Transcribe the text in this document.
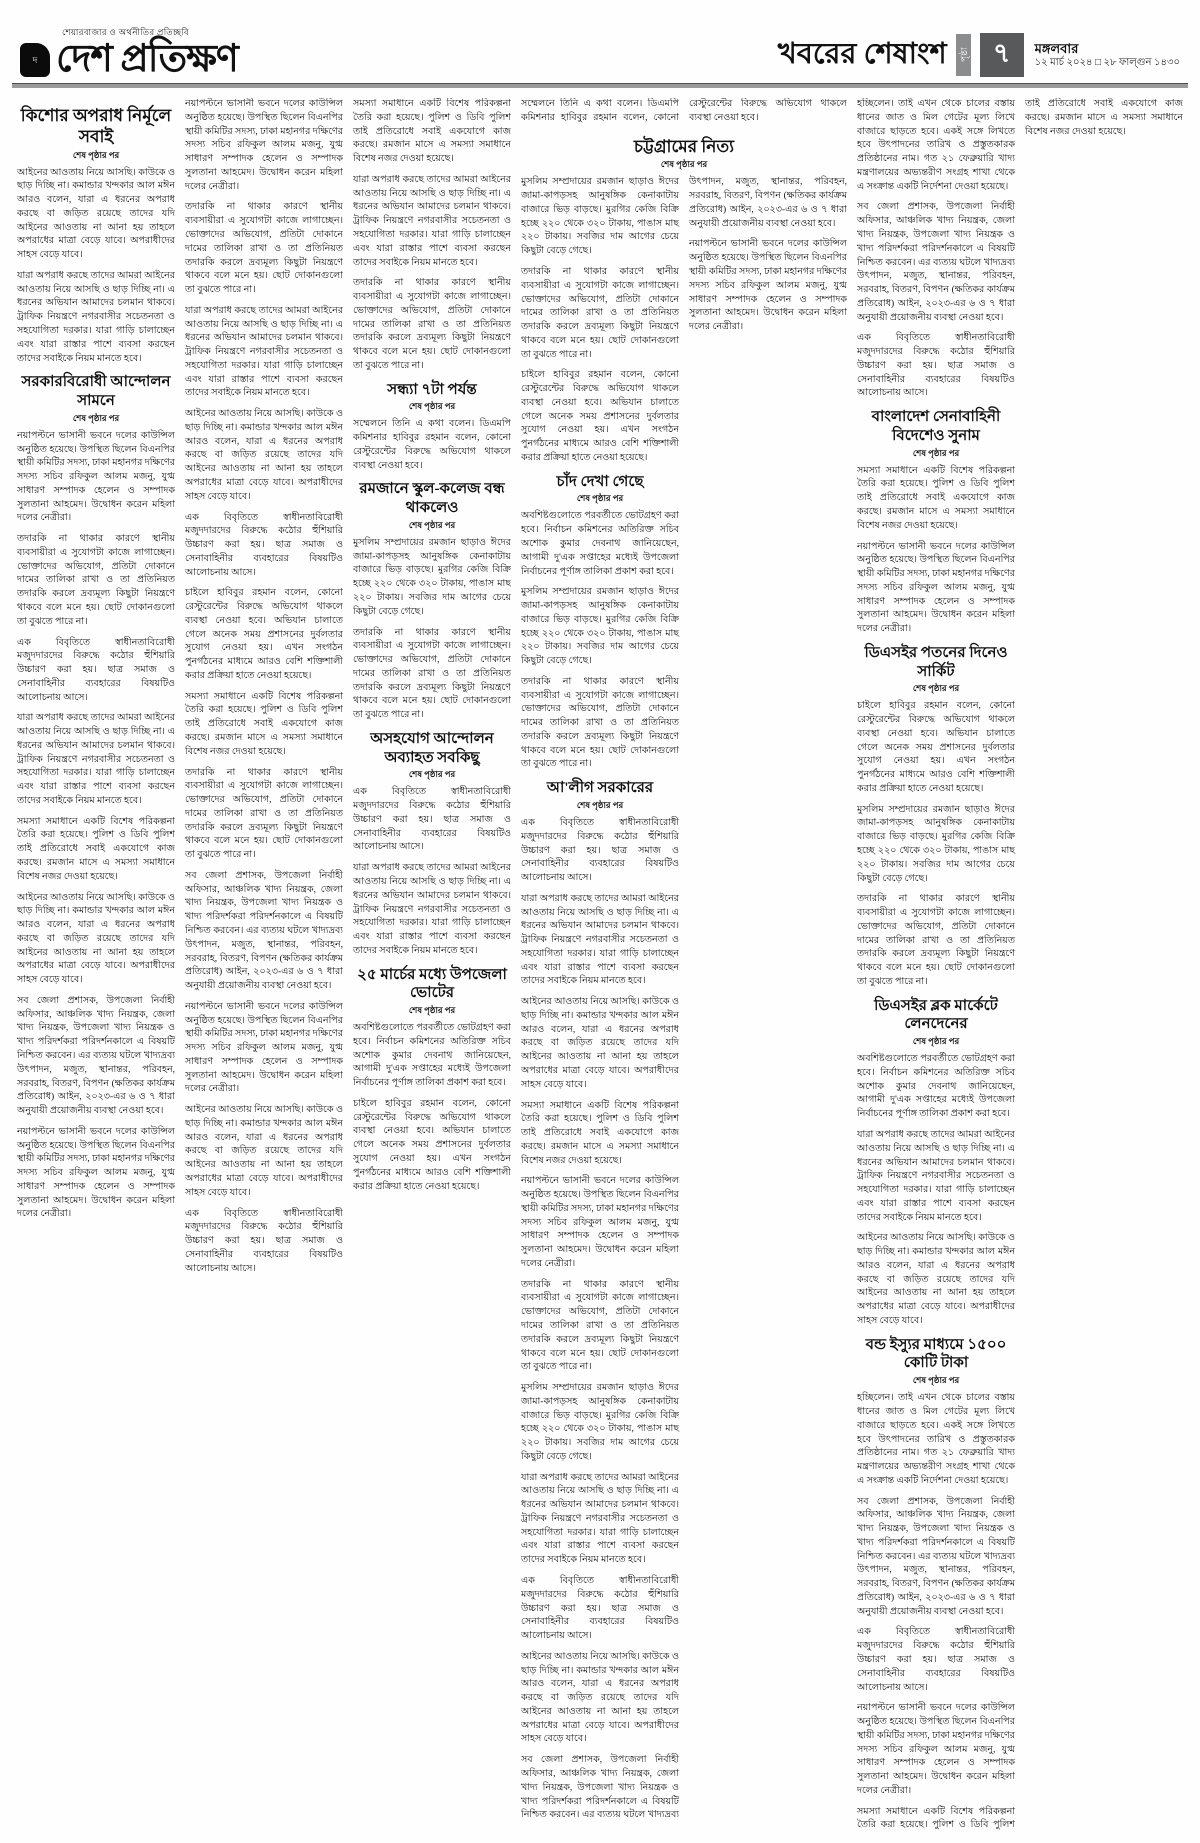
দ
শেয়ারবাজার ও অর্থনীতির প্রতিচ্ছবি
দেশ প্রতিক্ষণ	খবরের শেষাংশ	পৃষ্ঠা ৭	মঙ্গলবার
১২ মার্চ ২০২৪ □ ২৮ ফাল্গুন ১৪৩০
কিশোর অপরাধ নির্মূলে সবাই
শেষ পৃষ্ঠার পর

আইনের আওতায় নিয়ে আসছি। কাউকে ও ছাড় দিচ্ছি না। কমান্ডার খন্দকার আল মঈন আরও বলেন, যারা এ ধরনের অপরাধ করছে বা জড়িত রয়েছে তাদের যদি আইনের আওতায় না আনা হয় তাহলে অপরাধের মাত্রা বেড়ে যাবে। অপরাধীদের সাহস বেড়ে যাবে।

যারা অপরাধ করছে তাদের আমরা আইনের আওতায় নিয়ে আসছি ও ছাড় দিচ্ছি না। এ ধরনের অভিযান আমাদের চলমান থাকবে। ট্রাফিক নিয়ন্ত্রণে নগরবাসীর সচেতনতা ও সহযোগিতা দরকার। যারা গাড়ি চালাচ্ছেন এবং যারা রাস্তার পাশে ব্যবসা করছেন তাদের সবাইকে নিয়ম মানতে হবে।

সরকারবিরোধী আন্দোলন সামনে
শেষ পৃষ্ঠার পর

নয়াপল্টনে ভাসানী ভবনে দলের কাউন্সিল অনুষ্ঠিত হয়েছে। উপস্থিত ছিলেন বিএনপির স্থায়ী কমিটির সদস্য, ঢাকা মহানগর দক্ষিণের সদস্য সচিব রফিকুল আলম মজনু, যুগ্ম সাধারণ সম্পাদক হেলেন ও সম্পাদক সুলতানা আহমেদ। উদ্বোধন করেন মহিলা দলের নেত্রীরা।

তদারকি না থাকার কারণে স্থানীয় ব্যবসায়ীরা এ সুযোগটা কাজে লাগাচ্ছেন। ভোক্তাদের অভিযোগ, প্রতিটা দোকানে দামের তালিকা রাখা ও তা প্রতিনিয়ত তদারকি করলে দ্রব্যমূল্য কিছুটা নিয়ন্ত্রণে থাকবে বলে মনে হয়। ছোট দোকানগুলো তা বুঝতে পারে না।

এক বিবৃতিতে স্বাধীনতাবিরোধী মজুদদারদের বিরুদ্ধে কঠোর হুঁশিয়ারি উচ্চারণ করা হয়। ছাত্র সমাজ ও সেনাবাহিনীর ব্যবহারের বিষয়টিও আলোচনায় আসে।

যারা অপরাধ করছে তাদের আমরা আইনের আওতায় নিয়ে আসছি ও ছাড় দিচ্ছি না। এ ধরনের অভিযান আমাদের চলমান থাকবে। ট্রাফিক নিয়ন্ত্রণে নগরবাসীর সচেতনতা ও সহযোগিতা দরকার। যারা গাড়ি চালাচ্ছেন এবং যারা রাস্তার পাশে ব্যবসা করছেন তাদের সবাইকে নিয়ম মানতে হবে।

সমস্যা সমাধানে একটি বিশেষ পরিকল্পনা তৈরি করা হয়েছে। পুলিশ ও ডিবি পুলিশ তাই প্রতিরোধে সবাই একযোগে কাজ করছে। রমজান মাসে এ সমস্যা সমাধানে বিশেষ নজর দেওয়া হয়েছে।

আইনের আওতায় নিয়ে আসছি। কাউকে ও ছাড় দিচ্ছি না। কমান্ডার খন্দকার আল মঈন আরও বলেন, যারা এ ধরনের অপরাধ করছে বা জড়িত রয়েছে তাদের যদি আইনের আওতায় না আনা হয় তাহলে অপরাধের মাত্রা বেড়ে যাবে। অপরাধীদের সাহস বেড়ে যাবে।

সব জেলা প্রশাসক, উপজেলা নির্বাহী অফিসার, আঞ্চলিক খাদ্য নিয়ন্ত্রক, জেলা খাদ্য নিয়ন্ত্রক, উপজেলা খাদ্য নিয়ন্ত্রক ও খাদ্য পরিদর্শকরা পরিদর্শনকালে এ বিষয়টি নিশ্চিত করবেন। এর ব্যত্যয় ঘটলে খাদ্যদ্রব্য উৎপাদন, মজুত, স্থানান্তর, পরিবহন, সরবরাহ, বিতরণ, বিপণন (ক্ষতিকর কার্যক্রম প্রতিরোধ) আইন, ২০২৩-এর ৬ ও ৭ ধারা অনুযায়ী প্রয়োজনীয় ব্যবস্থা নেওয়া হবে।

নয়াপল্টনে ভাসানী ভবনে দলের কাউন্সিল অনুষ্ঠিত হয়েছে। উপস্থিত ছিলেন বিএনপির স্থায়ী কমিটির সদস্য, ঢাকা মহানগর দক্ষিণের সদস্য সচিব রফিকুল আলম মজনু, যুগ্ম সাধারণ সম্পাদক হেলেন ও সম্পাদক সুলতানা আহমেদ। উদ্বোধন করেন মহিলা দলের নেত্রীরা।

নয়াপল্টনে ভাসানী ভবনে দলের কাউন্সিল অনুষ্ঠিত হয়েছে। উপস্থিত ছিলেন বিএনপির স্থায়ী কমিটির সদস্য, ঢাকা মহানগর দক্ষিণের সদস্য সচিব রফিকুল আলম মজনু, যুগ্ম সাধারণ সম্পাদক হেলেন ও সম্পাদক সুলতানা আহমেদ। উদ্বোধন করেন মহিলা দলের নেত্রীরা।

তদারকি না থাকার কারণে স্থানীয় ব্যবসায়ীরা এ সুযোগটা কাজে লাগাচ্ছেন। ভোক্তাদের অভিযোগ, প্রতিটা দোকানে দামের তালিকা রাখা ও তা প্রতিনিয়ত তদারকি করলে দ্রব্যমূল্য কিছুটা নিয়ন্ত্রণে থাকবে বলে মনে হয়। ছোট দোকানগুলো তা বুঝতে পারে না।

যারা অপরাধ করছে তাদের আমরা আইনের আওতায় নিয়ে আসছি ও ছাড় দিচ্ছি না। এ ধরনের অভিযান আমাদের চলমান থাকবে। ট্রাফিক নিয়ন্ত্রণে নগরবাসীর সচেতনতা ও সহযোগিতা দরকার। যারা গাড়ি চালাচ্ছেন এবং যারা রাস্তার পাশে ব্যবসা করছেন তাদের সবাইকে নিয়ম মানতে হবে।

আইনের আওতায় নিয়ে আসছি। কাউকে ও ছাড় দিচ্ছি না। কমান্ডার খন্দকার আল মঈন আরও বলেন, যারা এ ধরনের অপরাধ করছে বা জড়িত রয়েছে তাদের যদি আইনের আওতায় না আনা হয় তাহলে অপরাধের মাত্রা বেড়ে যাবে। অপরাধীদের সাহস বেড়ে যাবে।

এক বিবৃতিতে স্বাধীনতাবিরোধী মজুদদারদের বিরুদ্ধে কঠোর হুঁশিয়ারি উচ্চারণ করা হয়। ছাত্র সমাজ ও সেনাবাহিনীর ব্যবহারের বিষয়টিও আলোচনায় আসে।

চাইলে হাবিবুর রহমান বলেন, কোনো রেস্টুরেন্টের বিরুদ্ধে অভিযোগ থাকলে ব্যবস্থা নেওয়া হবে। অভিযান চালাতে গেলে অনেক সময় প্রশাসনের দুর্বলতার সুযোগ নেওয়া হয়। এখন সংগঠন পুনর্গঠনের মাধ্যমে আরও বেশি শক্তিশালী করার প্রক্রিয়া হাতে নেওয়া হয়েছে।

সমস্যা সমাধানে একটি বিশেষ পরিকল্পনা তৈরি করা হয়েছে। পুলিশ ও ডিবি পুলিশ তাই প্রতিরোধে সবাই একযোগে কাজ করছে। রমজান মাসে এ সমস্যা সমাধানে বিশেষ নজর দেওয়া হয়েছে।

তদারকি না থাকার কারণে স্থানীয় ব্যবসায়ীরা এ সুযোগটা কাজে লাগাচ্ছেন। ভোক্তাদের অভিযোগ, প্রতিটা দোকানে দামের তালিকা রাখা ও তা প্রতিনিয়ত তদারকি করলে দ্রব্যমূল্য কিছুটা নিয়ন্ত্রণে থাকবে বলে মনে হয়। ছোট দোকানগুলো তা বুঝতে পারে না।

সব জেলা প্রশাসক, উপজেলা নির্বাহী অফিসার, আঞ্চলিক খাদ্য নিয়ন্ত্রক, জেলা খাদ্য নিয়ন্ত্রক, উপজেলা খাদ্য নিয়ন্ত্রক ও খাদ্য পরিদর্শকরা পরিদর্শনকালে এ বিষয়টি নিশ্চিত করবেন। এর ব্যত্যয় ঘটলে খাদ্যদ্রব্য উৎপাদন, মজুত, স্থানান্তর, পরিবহন, সরবরাহ, বিতরণ, বিপণন (ক্ষতিকর কার্যক্রম প্রতিরোধ) আইন, ২০২৩-এর ৬ ও ৭ ধারা অনুযায়ী প্রয়োজনীয় ব্যবস্থা নেওয়া হবে।

নয়াপল্টনে ভাসানী ভবনে দলের কাউন্সিল অনুষ্ঠিত হয়েছে। উপস্থিত ছিলেন বিএনপির স্থায়ী কমিটির সদস্য, ঢাকা মহানগর দক্ষিণের সদস্য সচিব রফিকুল আলম মজনু, যুগ্ম সাধারণ সম্পাদক হেলেন ও সম্পাদক সুলতানা আহমেদ। উদ্বোধন করেন মহিলা দলের নেত্রীরা।

আইনের আওতায় নিয়ে আসছি। কাউকে ও ছাড় দিচ্ছি না। কমান্ডার খন্দকার আল মঈন আরও বলেন, যারা এ ধরনের অপরাধ করছে বা জড়িত রয়েছে তাদের যদি আইনের আওতায় না আনা হয় তাহলে অপরাধের মাত্রা বেড়ে যাবে। অপরাধীদের সাহস বেড়ে যাবে।

এক বিবৃতিতে স্বাধীনতাবিরোধী মজুদদারদের বিরুদ্ধে কঠোর হুঁশিয়ারি উচ্চারণ করা হয়। ছাত্র সমাজ ও সেনাবাহিনীর ব্যবহারের বিষয়টিও আলোচনায় আসে।

সমস্যা সমাধানে একটি বিশেষ পরিকল্পনা তৈরি করা হয়েছে। পুলিশ ও ডিবি পুলিশ তাই প্রতিরোধে সবাই একযোগে কাজ করছে। রমজান মাসে এ সমস্যা সমাধানে বিশেষ নজর দেওয়া হয়েছে।

যারা অপরাধ করছে তাদের আমরা আইনের আওতায় নিয়ে আসছি ও ছাড় দিচ্ছি না। এ ধরনের অভিযান আমাদের চলমান থাকবে। ট্রাফিক নিয়ন্ত্রণে নগরবাসীর সচেতনতা ও সহযোগিতা দরকার। যারা গাড়ি চালাচ্ছেন এবং যারা রাস্তার পাশে ব্যবসা করছেন তাদের সবাইকে নিয়ম মানতে হবে।

তদারকি না থাকার কারণে স্থানীয় ব্যবসায়ীরা এ সুযোগটা কাজে লাগাচ্ছেন। ভোক্তাদের অভিযোগ, প্রতিটা দোকানে দামের তালিকা রাখা ও তা প্রতিনিয়ত তদারকি করলে দ্রব্যমূল্য কিছুটা নিয়ন্ত্রণে থাকবে বলে মনে হয়। ছোট দোকানগুলো তা বুঝতে পারে না।

সন্ধ্যা ৭টা পর্যন্ত
শেষ পৃষ্ঠার পর

সম্মেলনে তিনি এ কথা বলেন। ডিএমপি কমিশনার হাবিবুর রহমান বলেন, কোনো রেস্টুরেন্টের বিরুদ্ধে অভিযোগ থাকলে ব্যবস্থা নেওয়া হবে।

রমজানে স্কুল-কলেজ বন্ধ থাকলেও
শেষ পৃষ্ঠার পর

মুসলিম সম্প্রদায়ের রমজান ছাড়াও ঈদের জামা-কাপড়সহ আনুষঙ্গিক কেনাকাটায় বাজারে ভিড় বাড়ছে। মুরগির কেজি বিক্রি হচ্ছে ২২০ থেকে ৩২০ টাকায়, পাঙাস মাছ ২২০ টাকায়। সবজির দাম আগের চেয়ে কিছুটা বেড়ে গেছে।

তদারকি না থাকার কারণে স্থানীয় ব্যবসায়ীরা এ সুযোগটা কাজে লাগাচ্ছেন। ভোক্তাদের অভিযোগ, প্রতিটা দোকানে দামের তালিকা রাখা ও তা প্রতিনিয়ত তদারকি করলে দ্রব্যমূল্য কিছুটা নিয়ন্ত্রণে থাকবে বলে মনে হয়। ছোট দোকানগুলো তা বুঝতে পারে না।

অসহযোগ আন্দোলন অব্যাহত সবকিছু
শেষ পৃষ্ঠার পর

এক বিবৃতিতে স্বাধীনতাবিরোধী মজুদদারদের বিরুদ্ধে কঠোর হুঁশিয়ারি উচ্চারণ করা হয়। ছাত্র সমাজ ও সেনাবাহিনীর ব্যবহারের বিষয়টিও আলোচনায় আসে।

যারা অপরাধ করছে তাদের আমরা আইনের আওতায় নিয়ে আসছি ও ছাড় দিচ্ছি না। এ ধরনের অভিযান আমাদের চলমান থাকবে। ট্রাফিক নিয়ন্ত্রণে নগরবাসীর সচেতনতা ও সহযোগিতা দরকার। যারা গাড়ি চালাচ্ছেন এবং যারা রাস্তার পাশে ব্যবসা করছেন তাদের সবাইকে নিয়ম মানতে হবে।

২৫ মার্চের মধ্যে উপজেলা ভোটের
শেষ পৃষ্ঠার পর

অবশিষ্টগুলোতে পরবর্তীতে ভোটগ্রহণ করা হবে। নির্বাচন কমিশনের অতিরিক্ত সচিব অশোক কুমার দেবনাথ জানিয়েছেন, আগামী দু'এক সপ্তাহের মধ্যেই উপজেলা নির্বাচনের পূর্ণাঙ্গ তালিকা প্রকাশ করা হবে।

চাইলে হাবিবুর রহমান বলেন, কোনো রেস্টুরেন্টের বিরুদ্ধে অভিযোগ থাকলে ব্যবস্থা নেওয়া হবে। অভিযান চালাতে গেলে অনেক সময় প্রশাসনের দুর্বলতার সুযোগ নেওয়া হয়। এখন সংগঠন পুনর্গঠনের মাধ্যমে আরও বেশি শক্তিশালী করার প্রক্রিয়া হাতে নেওয়া হয়েছে।

সম্মেলনে তিনি এ কথা বলেন। ডিএমপি কমিশনার হাবিবুর রহমান বলেন, কোনো রেস্টুরেন্টের বিরুদ্ধে অভিযোগ থাকলে ব্যবস্থা নেওয়া হবে।

চট্টগ্রামের নিত্য
শেষ পৃষ্ঠার পর

মুসলিম সম্প্রদায়ের রমজান ছাড়াও ঈদের জামা-কাপড়সহ আনুষঙ্গিক কেনাকাটায় বাজারে ভিড় বাড়ছে। মুরগির কেজি বিক্রি হচ্ছে ২২০ থেকে ৩২০ টাকায়, পাঙাস মাছ ২২০ টাকায়। সবজির দাম আগের চেয়ে কিছুটা বেড়ে গেছে।

তদারকি না থাকার কারণে স্থানীয় ব্যবসায়ীরা এ সুযোগটা কাজে লাগাচ্ছেন। ভোক্তাদের অভিযোগ, প্রতিটা দোকানে দামের তালিকা রাখা ও তা প্রতিনিয়ত তদারকি করলে দ্রব্যমূল্য কিছুটা নিয়ন্ত্রণে থাকবে বলে মনে হয়। ছোট দোকানগুলো তা বুঝতে পারে না।

চাইলে হাবিবুর রহমান বলেন, কোনো রেস্টুরেন্টের বিরুদ্ধে অভিযোগ থাকলে ব্যবস্থা নেওয়া হবে। অভিযান চালাতে গেলে অনেক সময় প্রশাসনের দুর্বলতার সুযোগ নেওয়া হয়। এখন সংগঠন পুনর্গঠনের মাধ্যমে আরও বেশি শক্তিশালী করার প্রক্রিয়া হাতে নেওয়া হয়েছে।

চাঁদ দেখা গেছে
শেষ পৃষ্ঠার পর

অবশিষ্টগুলোতে পরবর্তীতে ভোটগ্রহণ করা হবে। নির্বাচন কমিশনের অতিরিক্ত সচিব অশোক কুমার দেবনাথ জানিয়েছেন, আগামী দু'এক সপ্তাহের মধ্যেই উপজেলা নির্বাচনের পূর্ণাঙ্গ তালিকা প্রকাশ করা হবে।

মুসলিম সম্প্রদায়ের রমজান ছাড়াও ঈদের জামা-কাপড়সহ আনুষঙ্গিক কেনাকাটায় বাজারে ভিড় বাড়ছে। মুরগির কেজি বিক্রি হচ্ছে ২২০ থেকে ৩২০ টাকায়, পাঙাস মাছ ২২০ টাকায়। সবজির দাম আগের চেয়ে কিছুটা বেড়ে গেছে।

তদারকি না থাকার কারণে স্থানীয় ব্যবসায়ীরা এ সুযোগটা কাজে লাগাচ্ছেন। ভোক্তাদের অভিযোগ, প্রতিটা দোকানে দামের তালিকা রাখা ও তা প্রতিনিয়ত তদারকি করলে দ্রব্যমূল্য কিছুটা নিয়ন্ত্রণে থাকবে বলে মনে হয়। ছোট দোকানগুলো তা বুঝতে পারে না।

আ'লীগ সরকারের
শেষ পৃষ্ঠার পর

এক বিবৃতিতে স্বাধীনতাবিরোধী মজুদদারদের বিরুদ্ধে কঠোর হুঁশিয়ারি উচ্চারণ করা হয়। ছাত্র সমাজ ও সেনাবাহিনীর ব্যবহারের বিষয়টিও আলোচনায় আসে।

যারা অপরাধ করছে তাদের আমরা আইনের আওতায় নিয়ে আসছি ও ছাড় দিচ্ছি না। এ ধরনের অভিযান আমাদের চলমান থাকবে। ট্রাফিক নিয়ন্ত্রণে নগরবাসীর সচেতনতা ও সহযোগিতা দরকার। যারা গাড়ি চালাচ্ছেন এবং যারা রাস্তার পাশে ব্যবসা করছেন তাদের সবাইকে নিয়ম মানতে হবে।

আইনের আওতায় নিয়ে আসছি। কাউকে ও ছাড় দিচ্ছি না। কমান্ডার খন্দকার আল মঈন আরও বলেন, যারা এ ধরনের অপরাধ করছে বা জড়িত রয়েছে তাদের যদি আইনের আওতায় না আনা হয় তাহলে অপরাধের মাত্রা বেড়ে যাবে। অপরাধীদের সাহস বেড়ে যাবে।

সমস্যা সমাধানে একটি বিশেষ পরিকল্পনা তৈরি করা হয়েছে। পুলিশ ও ডিবি পুলিশ তাই প্রতিরোধে সবাই একযোগে কাজ করছে। রমজান মাসে এ সমস্যা সমাধানে বিশেষ নজর দেওয়া হয়েছে।

নয়াপল্টনে ভাসানী ভবনে দলের কাউন্সিল অনুষ্ঠিত হয়েছে। উপস্থিত ছিলেন বিএনপির স্থায়ী কমিটির সদস্য, ঢাকা মহানগর দক্ষিণের সদস্য সচিব রফিকুল আলম মজনু, যুগ্ম সাধারণ সম্পাদক হেলেন ও সম্পাদক সুলতানা আহমেদ। উদ্বোধন করেন মহিলা দলের নেত্রীরা।

তদারকি না থাকার কারণে স্থানীয় ব্যবসায়ীরা এ সুযোগটা কাজে লাগাচ্ছেন। ভোক্তাদের অভিযোগ, প্রতিটা দোকানে দামের তালিকা রাখা ও তা প্রতিনিয়ত তদারকি করলে দ্রব্যমূল্য কিছুটা নিয়ন্ত্রণে থাকবে বলে মনে হয়। ছোট দোকানগুলো তা বুঝতে পারে না।

মুসলিম সম্প্রদায়ের রমজান ছাড়াও ঈদের জামা-কাপড়সহ আনুষঙ্গিক কেনাকাটায় বাজারে ভিড় বাড়ছে। মুরগির কেজি বিক্রি হচ্ছে ২২০ থেকে ৩২০ টাকায়, পাঙাস মাছ ২২০ টাকায়। সবজির দাম আগের চেয়ে কিছুটা বেড়ে গেছে।

যারা অপরাধ করছে তাদের আমরা আইনের আওতায় নিয়ে আসছি ও ছাড় দিচ্ছি না। এ ধরনের অভিযান আমাদের চলমান থাকবে। ট্রাফিক নিয়ন্ত্রণে নগরবাসীর সচেতনতা ও সহযোগিতা দরকার। যারা গাড়ি চালাচ্ছেন এবং যারা রাস্তার পাশে ব্যবসা করছেন তাদের সবাইকে নিয়ম মানতে হবে।

এক বিবৃতিতে স্বাধীনতাবিরোধী মজুদদারদের বিরুদ্ধে কঠোর হুঁশিয়ারি উচ্চারণ করা হয়। ছাত্র সমাজ ও সেনাবাহিনীর ব্যবহারের বিষয়টিও আলোচনায় আসে।

আইনের আওতায় নিয়ে আসছি। কাউকে ও ছাড় দিচ্ছি না। কমান্ডার খন্দকার আল মঈন আরও বলেন, যারা এ ধরনের অপরাধ করছে বা জড়িত রয়েছে তাদের যদি আইনের আওতায় না আনা হয় তাহলে অপরাধের মাত্রা বেড়ে যাবে। অপরাধীদের সাহস বেড়ে যাবে।

সব জেলা প্রশাসক, উপজেলা নির্বাহী অফিসার, আঞ্চলিক খাদ্য নিয়ন্ত্রক, জেলা খাদ্য নিয়ন্ত্রক, উপজেলা খাদ্য নিয়ন্ত্রক ও খাদ্য পরিদর্শকরা পরিদর্শনকালে এ বিষয়টি নিশ্চিত করবেন। এর ব্যত্যয় ঘটলে খাদ্যদ্রব্য উৎপাদন, মজুত, স্থানান্তর, পরিবহন, সরবরাহ, বিতরণ, বিপণন (ক্ষতিকর কার্যক্রম প্রতিরোধ) আইন, ২০২৩-এর ৬ ও ৭ ধারা অনুযায়ী প্রয়োজনীয় ব্যবস্থা নেওয়া হবে।

নয়াপল্টনে ভাসানী ভবনে দলের কাউন্সিল অনুষ্ঠিত হয়েছে। উপস্থিত ছিলেন বিএনপির স্থায়ী কমিটির সদস্য, ঢাকা মহানগর দক্ষিণের সদস্য সচিব রফিকুল আলম মজনু, যুগ্ম সাধারণ সম্পাদক হেলেন ও সম্পাদক সুলতানা আহমেদ। উদ্বোধন করেন মহিলা দলের নেত্রীরা।

হচ্ছিলেন। তাই এখন থেকে চালের বস্তায় ধানের জাত ও মিল গেটের মূল্য লিখে বাজারে ছাড়তে হবে। একই সঙ্গে লিখতে হবে উৎপাদনের তারিখ ও প্রস্তুতকারক প্রতিষ্ঠানের নাম। গত ২১ ফেব্রুয়ারি খাদ্য মন্ত্রণালয়ের অভ্যন্তরীণ সংগ্রহ শাখা থেকে এ সংক্রান্ত একটি নির্দেশনা দেওয়া হয়েছে।

সব জেলা প্রশাসক, উপজেলা নির্বাহী অফিসার, আঞ্চলিক খাদ্য নিয়ন্ত্রক, জেলা খাদ্য নিয়ন্ত্রক, উপজেলা খাদ্য নিয়ন্ত্রক ও খাদ্য পরিদর্শকরা পরিদর্শনকালে এ বিষয়টি নিশ্চিত করবেন। এর ব্যত্যয় ঘটলে খাদ্যদ্রব্য উৎপাদন, মজুত, স্থানান্তর, পরিবহন, সরবরাহ, বিতরণ, বিপণন (ক্ষতিকর কার্যক্রম প্রতিরোধ) আইন, ২০২৩-এর ৬ ও ৭ ধারা অনুযায়ী প্রয়োজনীয় ব্যবস্থা নেওয়া হবে।

এক বিবৃতিতে স্বাধীনতাবিরোধী মজুদদারদের বিরুদ্ধে কঠোর হুঁশিয়ারি উচ্চারণ করা হয়। ছাত্র সমাজ ও সেনাবাহিনীর ব্যবহারের বিষয়টিও আলোচনায় আসে।

বাংলাদেশ সেনাবাহিনী বিদেশেও সুনাম
শেষ পৃষ্ঠার পর

সমস্যা সমাধানে একটি বিশেষ পরিকল্পনা তৈরি করা হয়েছে। পুলিশ ও ডিবি পুলিশ তাই প্রতিরোধে সবাই একযোগে কাজ করছে। রমজান মাসে এ সমস্যা সমাধানে বিশেষ নজর দেওয়া হয়েছে।

নয়াপল্টনে ভাসানী ভবনে দলের কাউন্সিল অনুষ্ঠিত হয়েছে। উপস্থিত ছিলেন বিএনপির স্থায়ী কমিটির সদস্য, ঢাকা মহানগর দক্ষিণের সদস্য সচিব রফিকুল আলম মজনু, যুগ্ম সাধারণ সম্পাদক হেলেন ও সম্পাদক সুলতানা আহমেদ। উদ্বোধন করেন মহিলা দলের নেত্রীরা।

ডিএসইর পতনের দিনেও সার্কিট
শেষ পৃষ্ঠার পর

চাইলে হাবিবুর রহমান বলেন, কোনো রেস্টুরেন্টের বিরুদ্ধে অভিযোগ থাকলে ব্যবস্থা নেওয়া হবে। অভিযান চালাতে গেলে অনেক সময় প্রশাসনের দুর্বলতার সুযোগ নেওয়া হয়। এখন সংগঠন পুনর্গঠনের মাধ্যমে আরও বেশি শক্তিশালী করার প্রক্রিয়া হাতে নেওয়া হয়েছে।

মুসলিম সম্প্রদায়ের রমজান ছাড়াও ঈদের জামা-কাপড়সহ আনুষঙ্গিক কেনাকাটায় বাজারে ভিড় বাড়ছে। মুরগির কেজি বিক্রি হচ্ছে ২২০ থেকে ৩২০ টাকায়, পাঙাস মাছ ২২০ টাকায়। সবজির দাম আগের চেয়ে কিছুটা বেড়ে গেছে।

তদারকি না থাকার কারণে স্থানীয় ব্যবসায়ীরা এ সুযোগটা কাজে লাগাচ্ছেন। ভোক্তাদের অভিযোগ, প্রতিটা দোকানে দামের তালিকা রাখা ও তা প্রতিনিয়ত তদারকি করলে দ্রব্যমূল্য কিছুটা নিয়ন্ত্রণে থাকবে বলে মনে হয়। ছোট দোকানগুলো তা বুঝতে পারে না।

ডিএসইর ব্লক মার্কেটে লেনদেনের
শেষ পৃষ্ঠার পর

অবশিষ্টগুলোতে পরবর্তীতে ভোটগ্রহণ করা হবে। নির্বাচন কমিশনের অতিরিক্ত সচিব অশোক কুমার দেবনাথ জানিয়েছেন, আগামী দু'এক সপ্তাহের মধ্যেই উপজেলা নির্বাচনের পূর্ণাঙ্গ তালিকা প্রকাশ করা হবে।

যারা অপরাধ করছে তাদের আমরা আইনের আওতায় নিয়ে আসছি ও ছাড় দিচ্ছি না। এ ধরনের অভিযান আমাদের চলমান থাকবে। ট্রাফিক নিয়ন্ত্রণে নগরবাসীর সচেতনতা ও সহযোগিতা দরকার। যারা গাড়ি চালাচ্ছেন এবং যারা রাস্তার পাশে ব্যবসা করছেন তাদের সবাইকে নিয়ম মানতে হবে।

আইনের আওতায় নিয়ে আসছি। কাউকে ও ছাড় দিচ্ছি না। কমান্ডার খন্দকার আল মঈন আরও বলেন, যারা এ ধরনের অপরাধ করছে বা জড়িত রয়েছে তাদের যদি আইনের আওতায় না আনা হয় তাহলে অপরাধের মাত্রা বেড়ে যাবে। অপরাধীদের সাহস বেড়ে যাবে।

বন্ড ইস্যুর মাধ্যমে ১৫০০ কোটি টাকা
শেষ পৃষ্ঠার পর

হচ্ছিলেন। তাই এখন থেকে চালের বস্তায় ধানের জাত ও মিল গেটের মূল্য লিখে বাজারে ছাড়তে হবে। একই সঙ্গে লিখতে হবে উৎপাদনের তারিখ ও প্রস্তুতকারক প্রতিষ্ঠানের নাম। গত ২১ ফেব্রুয়ারি খাদ্য মন্ত্রণালয়ের অভ্যন্তরীণ সংগ্রহ শাখা থেকে এ সংক্রান্ত একটি নির্দেশনা দেওয়া হয়েছে।

সব জেলা প্রশাসক, উপজেলা নির্বাহী অফিসার, আঞ্চলিক খাদ্য নিয়ন্ত্রক, জেলা খাদ্য নিয়ন্ত্রক, উপজেলা খাদ্য নিয়ন্ত্রক ও খাদ্য পরিদর্শকরা পরিদর্শনকালে এ বিষয়টি নিশ্চিত করবেন। এর ব্যত্যয় ঘটলে খাদ্যদ্রব্য উৎপাদন, মজুত, স্থানান্তর, পরিবহন, সরবরাহ, বিতরণ, বিপণন (ক্ষতিকর কার্যক্রম প্রতিরোধ) আইন, ২০২৩-এর ৬ ও ৭ ধারা অনুযায়ী প্রয়োজনীয় ব্যবস্থা নেওয়া হবে।

এক বিবৃতিতে স্বাধীনতাবিরোধী মজুদদারদের বিরুদ্ধে কঠোর হুঁশিয়ারি উচ্চারণ করা হয়। ছাত্র সমাজ ও সেনাবাহিনীর ব্যবহারের বিষয়টিও আলোচনায় আসে।

নয়াপল্টনে ভাসানী ভবনে দলের কাউন্সিল অনুষ্ঠিত হয়েছে। উপস্থিত ছিলেন বিএনপির স্থায়ী কমিটির সদস্য, ঢাকা মহানগর দক্ষিণের সদস্য সচিব রফিকুল আলম মজনু, যুগ্ম সাধারণ সম্পাদক হেলেন ও সম্পাদক সুলতানা আহমেদ। উদ্বোধন করেন মহিলা দলের নেত্রীরা।

সমস্যা সমাধানে একটি বিশেষ পরিকল্পনা তৈরি করা হয়েছে। পুলিশ ও ডিবি পুলিশ তাই প্রতিরোধে সবাই একযোগে কাজ করছে। রমজান মাসে এ সমস্যা সমাধানে বিশেষ নজর দেওয়া হয়েছে।
